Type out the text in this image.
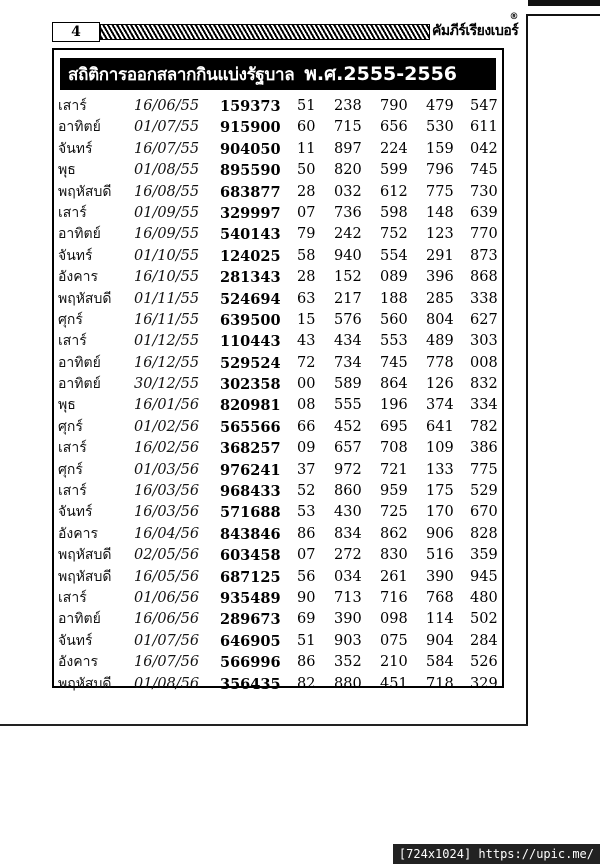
4	คัมภีร์เรียงเบอร์
®
สถิติการออกสลากกินแบ่งรัฐบาล พ.ศ.2555-2556
เสาร์	16/06/55 159373 51 238 790 479 547
อาทิตย์ 01/07/55 915900 60 715 656 530 611
จันทร์	16/07/55 904050 11 897 224 159 042
พุธ	01/08/55 895590 50 820 599 796 745
พฤหัสบดี 16/08/55 683877 28 032 612 775 730
เสาร์	01/09/55 329997 07 736 598 148 639
อาทิตย์ 16/09/55 540143 79 242 752 123 770
จันทร์	01/10/55 124025 58 940 554 291 873
อังคาร 16/10/55 281343 28 152 089 396 868
พฤหัสบดี 01/11/55 524694 63 217 188 285 338
ศุกร์	16/11/55 639500 15 576 560 804 627
เสาร์	01/12/55 110443 43 434 553 489 303
อาทิตย์ 16/12/55 529524 72 734 745 778 008
อาทิตย์ 30/12/55 302358 00 589 864 126 832
พุธ	16/01/56 820981 08 555 196 374 334
ศุกร์	01/02/56 565566 66 452 695 641 782
เสาร์	16/02/56 368257 09 657 708 109 386
ศุกร์	01/03/56 976241 37 972 721 133 775
เสาร์	16/03/56 968433 52 860 959 175 529
จันทร์	16/03/56 571688 53 430 725 170 670
อังคาร 16/04/56 843846 86 834 862 906 828
พฤหัสบดี 02/05/56 603458 07 272 830 516 359
พฤหัสบดี 16/05/56 687125 56 034 261 390 945
เสาร์	01/06/56 935489 90 713 716 768 480
อาทิตย์ 16/06/56 289673 69 390 098 114 502
จันทร์	01/07/56 646905 51 903 075 904 284
อังคาร 16/07/56 566996 86 352 210 584 526
พฤหัสบดี 01/08/56 356435 82 880 451 718 329
[724x1024] https://upic.me/
